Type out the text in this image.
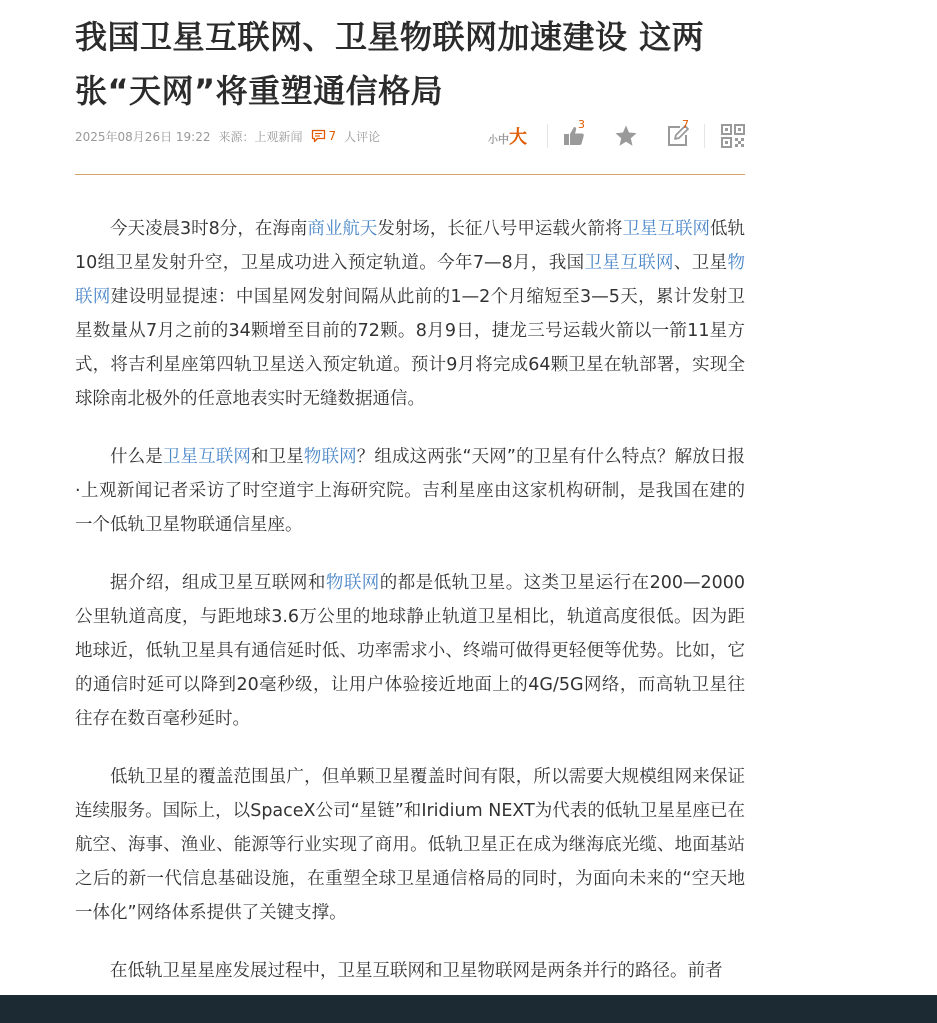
我国卫星互联网、卫星物联网加速建设 这两张“天网”将重塑通信格局
2025年08月26日 19:22 来源：上观新闻 7 人评论	小 中 大
3	7

今天凌晨3时8分，在海南商业航天发射场，长征八号甲运载火箭将卫星互联网低轨10组卫星发射升空，卫星成功进入预定轨道。今年7—8月，我国卫星互联网、卫星物联网建设明显提速：中国星网发射间隔从此前的1—2个月缩短至3—5天，累计发射卫星数量从7月之前的34颗增至目前的72颗。8月9日，捷龙三号运载火箭以一箭11星方式，将吉利星座第四轨卫星送入预定轨道。预计9月将完成64颗卫星在轨部署，实现全球除南北极外的任意地表实时无缝数据通信。

什么是卫星互联网和卫星物联网？组成这两张“天网”的卫星有什么特点？解放日报·上观新闻记者采访了时空道宇上海研究院。吉利星座由这家机构研制，是我国在建的一个低轨卫星物联通信星座。

据介绍，组成卫星互联网和物联网的都是低轨卫星。这类卫星运行在200—2000公里轨道高度，与距地球3.6万公里的地球静止轨道卫星相比，轨道高度很低。因为距地球近，低轨卫星具有通信延时低、功率需求小、终端可做得更轻便等优势。比如，它的通信时延可以降到20毫秒级，让用户体验接近地面上的4G/5G网络，而高轨卫星往往存在数百毫秒延时。

低轨卫星的覆盖范围虽广，但单颗卫星覆盖时间有限，所以需要大规模组网来保证连续服务。国际上，以SpaceX公司“星链”和Iridium NEXT为代表的低轨卫星星座已在航空、海事、渔业、能源等行业实现了商用。低轨卫星正在成为继海底光缆、地面基站之后的新一代信息基础设施，在重塑全球卫星通信格局的同时，为面向未来的“空天地一体化”网络体系提供了关键支撑。

在低轨卫星星座发展过程中，卫星互联网和卫星物联网是两条并行的路径。前者
